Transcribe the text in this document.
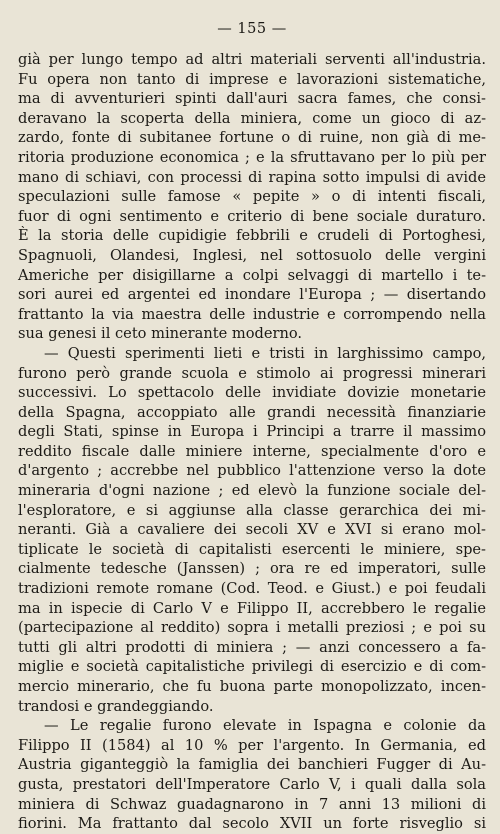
— 155 —
già per lungo tempo ad altri materiali serventi all'industria.
Fu opera non tanto di imprese e lavorazioni sistematiche,
ma di avventurieri spinti dall'auri sacra fames, che consi-
deravano la scoperta della miniera, come un gioco di az-
zardo, fonte di subitanee fortune o di ruine, non già di me-
ritoria produzione economica ; e la sfruttavano per lo più per
mano di schiavi, con processi di rapina sotto impulsi di avide
speculazioni sulle famose « pepite » o di intenti fiscali,
fuor di ogni sentimento e criterio di bene sociale duraturo.
È la storia delle cupidigie febbrili e crudeli di Portoghesi,
Spagnuoli, Olandesi, Inglesi, nel sottosuolo delle vergini
Americhe per disigillarne a colpi selvaggi di martello i te-
sori aurei ed argentei ed inondare l'Europa ; — disertando
frattanto la via maestra delle industrie e corrompendo nella
sua genesi il ceto minerante moderno.
— Questi sperimenti lieti e tristi in larghissimo campo,
furono però grande scuola e stimolo ai progressi minerari
successivi. Lo spettacolo delle invidiate dovizie monetarie
della Spagna, accoppiato alle grandi necessità finanziarie
degli Stati, spinse in Europa i Principi a trarre il massimo
reddito fiscale dalle miniere interne, specialmente d'oro e
d'argento ; accrebbe nel pubblico l'attenzione verso la dote
mineraria d'ogni nazione ; ed elevò la funzione sociale del-
l'esploratore, e si aggiunse alla classe gerarchica dei mi-
neranti. Già a cavaliere dei secoli XV e XVI si erano mol-
tiplicate le società di capitalisti esercenti le miniere, spe-
cialmente tedesche (Janssen) ; ora re ed imperatori, sulle
tradizioni remote romane (Cod. Teod. e Giust.) e poi feudali
ma in ispecie di Carlo V e Filippo II, accrebbero le regalie
(partecipazione al reddito) sopra i metalli preziosi ; e poi su
tutti gli altri prodotti di miniera ; — anzi concessero a fa-
miglie e società capitalistiche privilegi di esercizio e di com-
mercio minerario, che fu buona parte monopolizzato, incen-
trandosi e grandeggiando.
— Le regalie furono elevate in Ispagna e colonie da
Filippo II (1584) al 10 % per l'argento. In Germania, ed
Austria giganteggiò la famiglia dei banchieri Fugger di Au-
gusta, prestatori dell'Imperatore Carlo V, i quali dalla sola
miniera di Schwaz guadagnarono in 7 anni 13 milioni di
fiorini. Ma frattanto dal secolo XVII un forte risveglio si
